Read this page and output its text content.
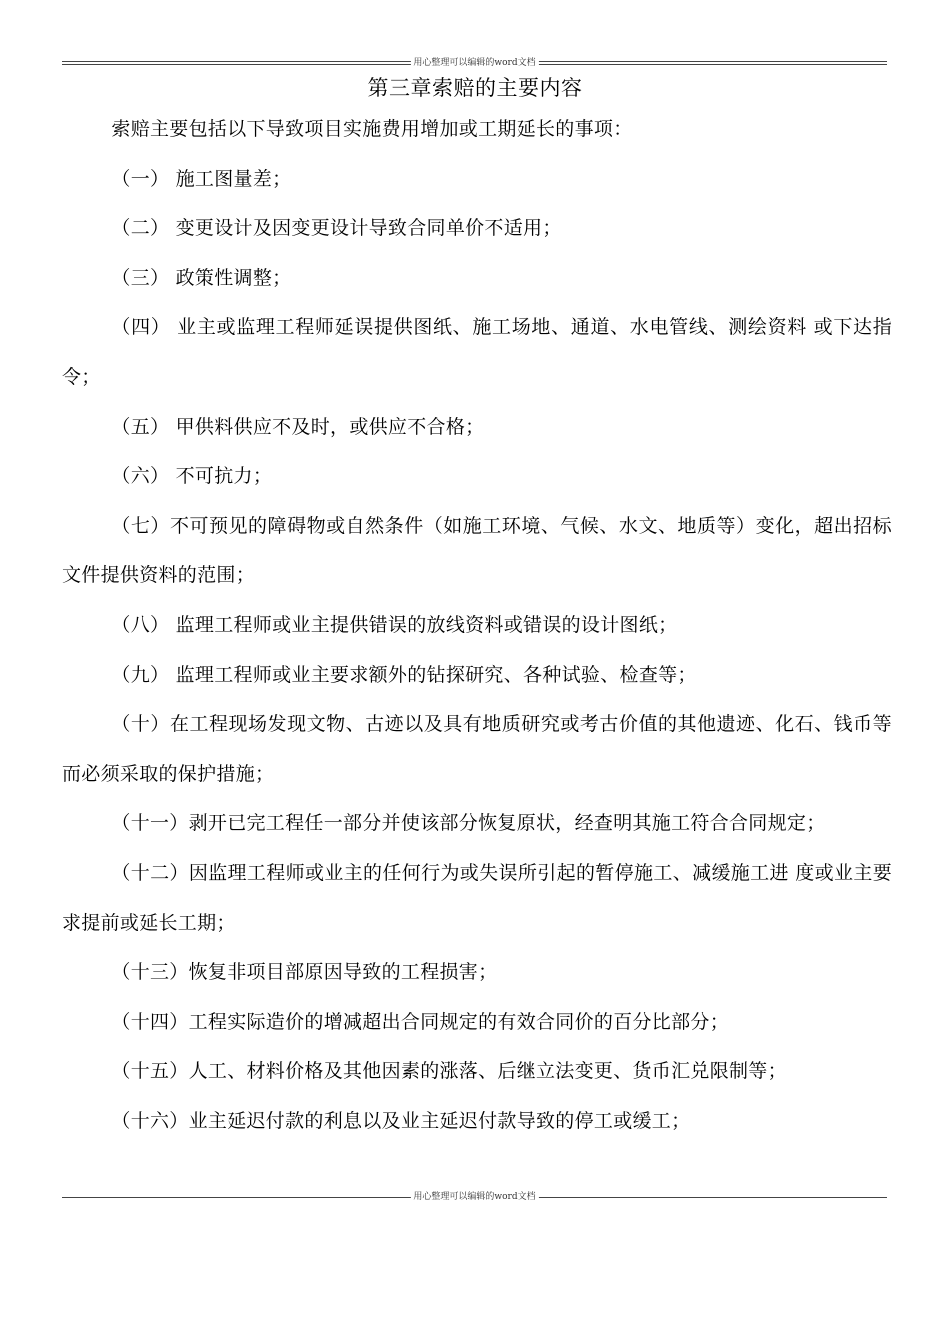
用心整理可以编辑的word文档
第三章索赔的主要内容

索赔主要包括以下导致项目实施费用增加或工期延长的事项：

（一） 施工图量差；

（二） 变更设计及因变更设计导致合同单价不适用；

（三） 政策性调整；

（四） 业主或监理工程师延误提供图纸、施工场地、通道、水电管线、测绘资料 或下达指令；

（五） 甲供料供应不及时，或供应不合格；

（六） 不可抗力；

（七）不可预见的障碍物或自然条件（如施工环境、气候、水文、地质等）变化，超出招标文件提供资料的范围；

（八） 监理工程师或业主提供错误的放线资料或错误的设计图纸；

（九） 监理工程师或业主要求额外的钻探研究、各种试验、检查等；

（十）在工程现场发现文物、古迹以及具有地质研究或考古价值的其他遗迹、化石、钱币等而必须采取的保护措施；

（十一）剥开已完工程任一部分并使该部分恢复原状，经查明其施工符合合同规定；

（十二）因监理工程师或业主的任何行为或失误所引起的暂停施工、减缓施工进 度或业主要求提前或延长工期；

（十三）恢复非项目部原因导致的工程损害；

（十四）工程实际造价的增减超出合同规定的有效合同价的百分比部分；

（十五）人工、材料价格及其他因素的涨落、后继立法变更、货币汇兑限制等；

（十六）业主延迟付款的利息以及业主延迟付款导致的停工或缓工；

用心整理可以编辑的word文档
